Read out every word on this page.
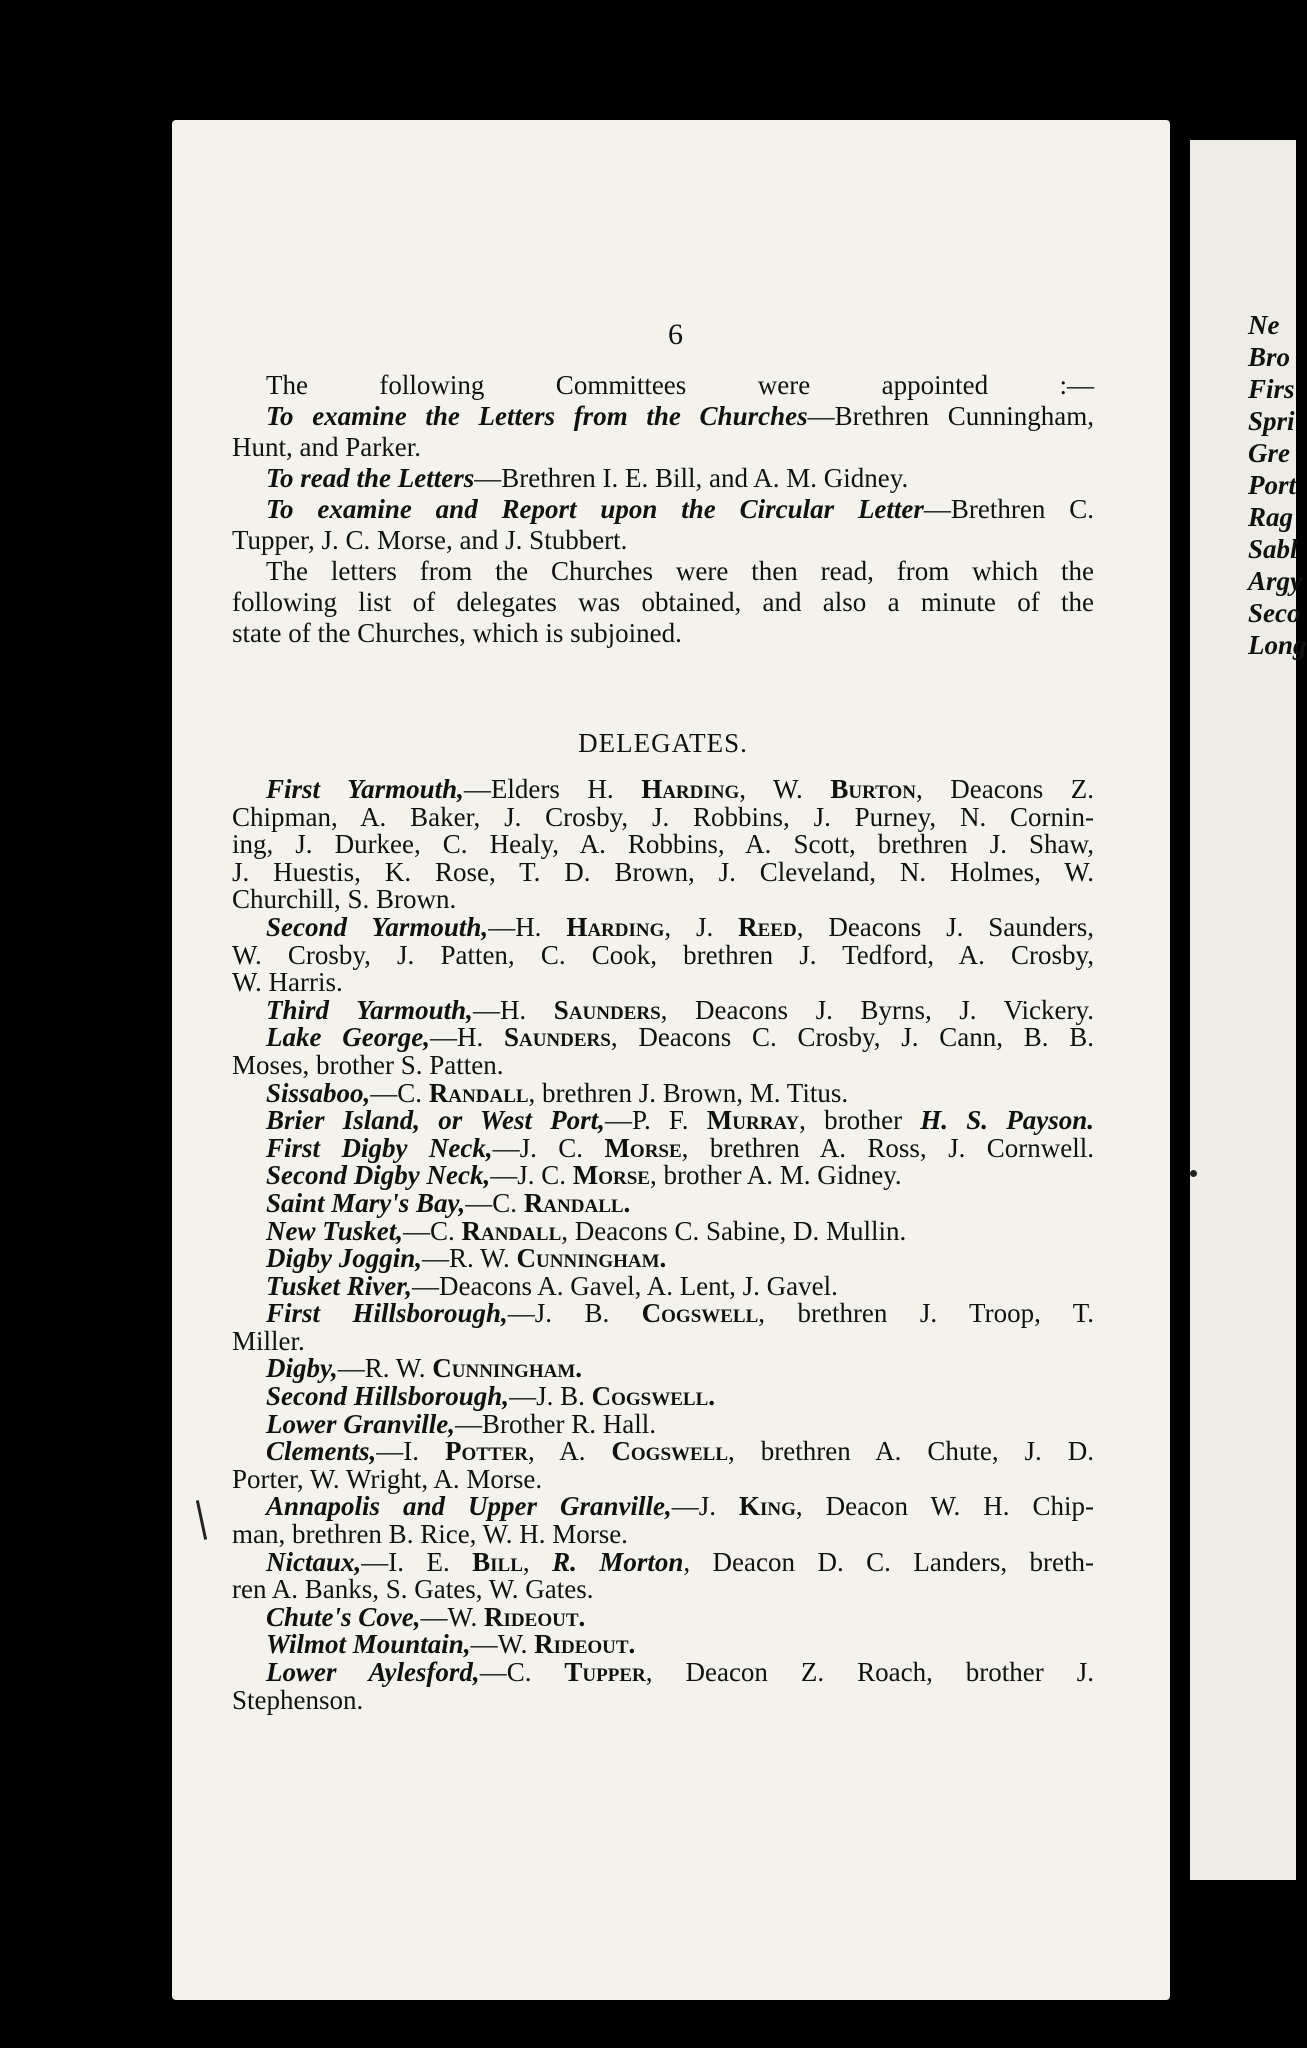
Ne
Bro
Firs
Spri
Gre
Port
Rag
Sabl
Argy
Seco
Long
6
The following Committees were appointed :—
To examine the Letters from the Churches—Brethren Cunningham,
Hunt, and Parker.
To read the Letters—Brethren I. E. Bill, and A. M. Gidney.
To examine and Report upon the Circular Letter—Brethren C.
Tupper, J. C. Morse, and J. Stubbert.
The letters from the Churches were then read, from which the
following list of delegates was obtained, and also a minute of the
state of the Churches, which is subjoined.
DELEGATES.
First Yarmouth,—Elders H. Harding, W. Burton, Deacons Z.
Chipman, A. Baker, J. Crosby, J. Robbins, J. Purney, N. Cornin-
ing, J. Durkee, C. Healy, A. Robbins, A. Scott, brethren J. Shaw,
J. Huestis, K. Rose, T. D. Brown, J. Cleveland, N. Holmes, W.
Churchill, S. Brown.
Second Yarmouth,—H. Harding, J. Reed, Deacons J. Saunders,
W. Crosby, J. Patten, C. Cook, brethren J. Tedford, A. Crosby,
W. Harris.
Third Yarmouth,—H. Saunders, Deacons J. Byrns, J. Vickery.
Lake George,—H. Saunders, Deacons C. Crosby, J. Cann, B. B.
Moses, brother S. Patten.
Sissaboo,—C. Randall, brethren J. Brown, M. Titus.
Brier Island, or West Port,—P. F. Murray, brother H. S. Payson.
First Digby Neck,—J. C. Morse, brethren A. Ross, J. Cornwell.
Second Digby Neck,—J. C. Morse, brother A. M. Gidney.
Saint Mary's Bay,—C. Randall.
New Tusket,—C. Randall, Deacons C. Sabine, D. Mullin.
Digby Joggin,—R. W. Cunningham.
Tusket River,—Deacons A. Gavel, A. Lent, J. Gavel.
First Hillsborough,—J. B. Cogswell, brethren J. Troop, T.
Miller.
Digby,—R. W. Cunningham.
Second Hillsborough,—J. B. Cogswell.
Lower Granville,—Brother R. Hall.
Clements,—I. Potter, A. Cogswell, brethren A. Chute, J. D.
Porter, W. Wright, A. Morse.
Annapolis and Upper Granville,—J. King, Deacon W. H. Chip-
man, brethren B. Rice, W. H. Morse.
Nictaux,—I. E. Bill, R. Morton, Deacon D. C. Landers, breth-
ren A. Banks, S. Gates, W. Gates.
Chute's Cove,—W. Rideout.
Wilmot Mountain,—W. Rideout.
Lower Aylesford,—C. Tupper, Deacon Z. Roach, brother J.
Stephenson.
